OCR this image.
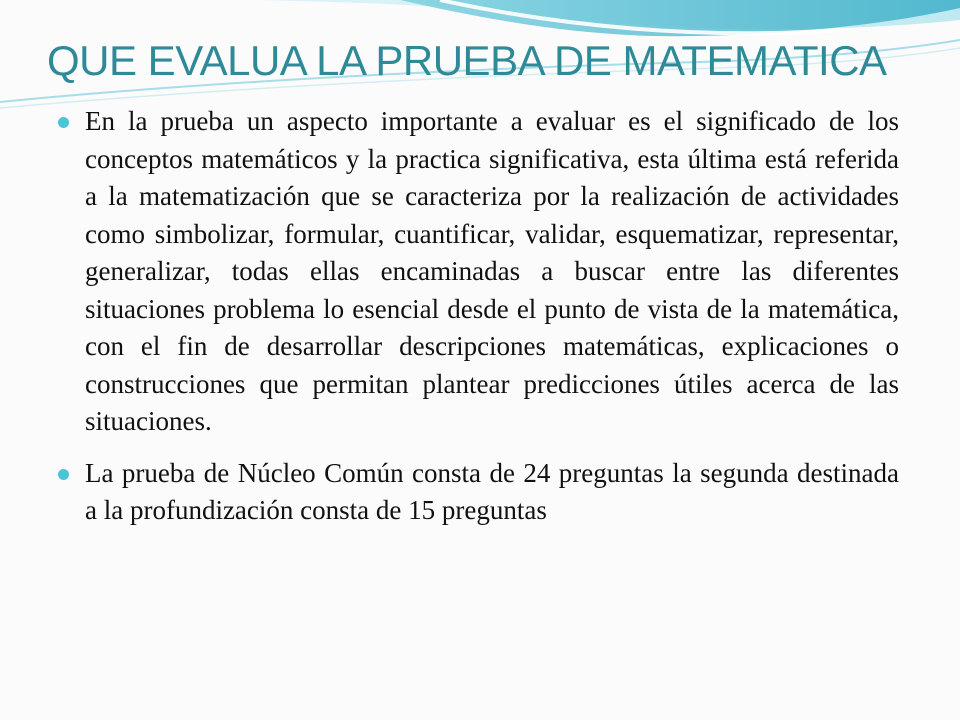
QUE EVALUA LA PRUEBA DE MATEMATICA
En la prueba un aspecto importante a evaluar es el significado de los conceptos matemáticos y la practica significativa, esta última está referida a la matematización que se caracteriza por la realización de actividades como simbolizar, formular, cuantificar, validar, esquematizar, representar, generalizar, todas ellas encaminadas a buscar entre las diferentes situaciones problema lo esencial desde el punto de vista de la matemática, con el fin de desarrollar descripciones matemáticas, explicaciones o construcciones que permitan plantear predicciones útiles acerca de las situaciones.
La prueba de Núcleo Común consta de 24 preguntas la segunda destinada a la profundización consta de 15 preguntas
